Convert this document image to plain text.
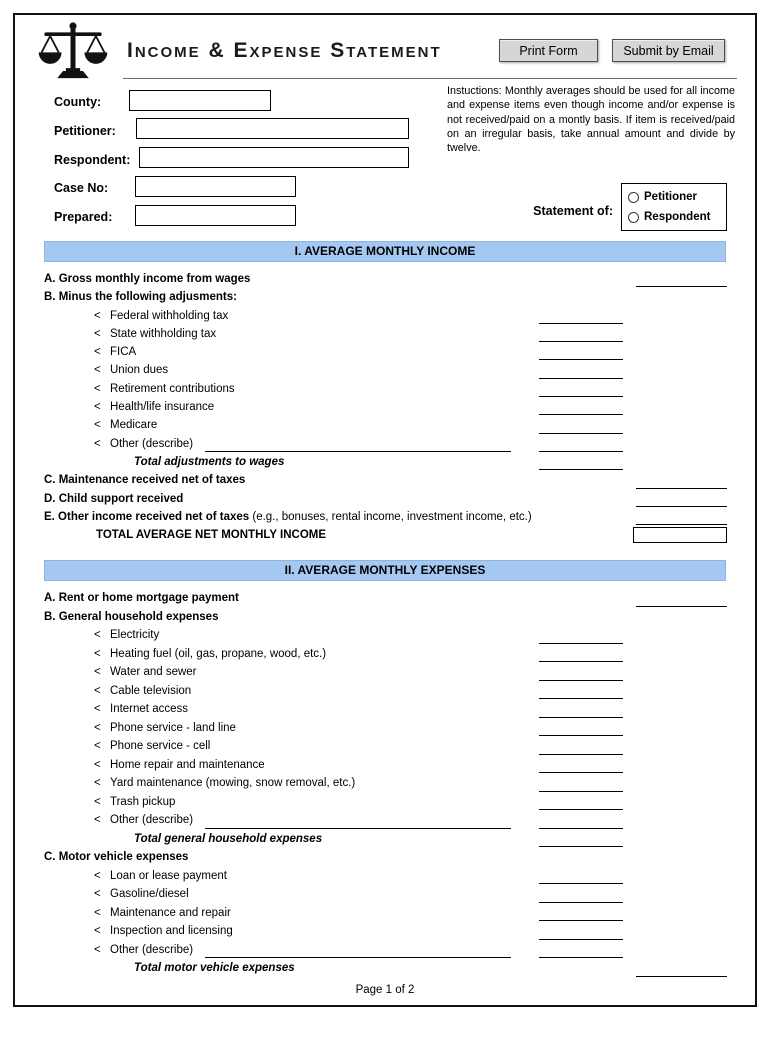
Income & Expense Statement	Print Form	Submit by Email
County:
Petitioner:
Respondent:
Case No:
Prepared:
Instuctions: Monthly averages should be used for all income and expense items even though income and/or expense is not received/paid on a montly basis. If item is received/paid on an irregular basis, take annual amount and divide by twelve.
Statement of:
Petitioner
Respondent
I. AVERAGE MONTHLY INCOME
A. Gross monthly income from wages
B. Minus the following adjusments:
< Federal withholding tax
< State withholding tax
< FICA
< Union dues
< Retirement contributions
< Health/life insurance
< Medicare
< Other (describe)
Total adjustments to wages
C. Maintenance received net of taxes
D. Child support received
E. Other income received net of taxes (e.g., bonuses, rental income, investment income, etc.)
TOTAL AVERAGE NET MONTHLY INCOME
II. AVERAGE MONTHLY EXPENSES
A. Rent or home mortgage payment
B. General household expenses
< Electricity
< Heating fuel (oil, gas, propane, wood, etc.)
< Water and sewer
< Cable television
< Internet access
< Phone service - land line
< Phone service - cell
< Home repair and maintenance
< Yard maintenance (mowing, snow removal, etc.)
< Trash pickup
< Other (describe)
Total general household expenses
C. Motor vehicle expenses
< Loan or lease payment
< Gasoline/diesel
< Maintenance and repair
< Inspection and licensing
< Other (describe)
Total motor vehicle expenses
Page 1 of 2
